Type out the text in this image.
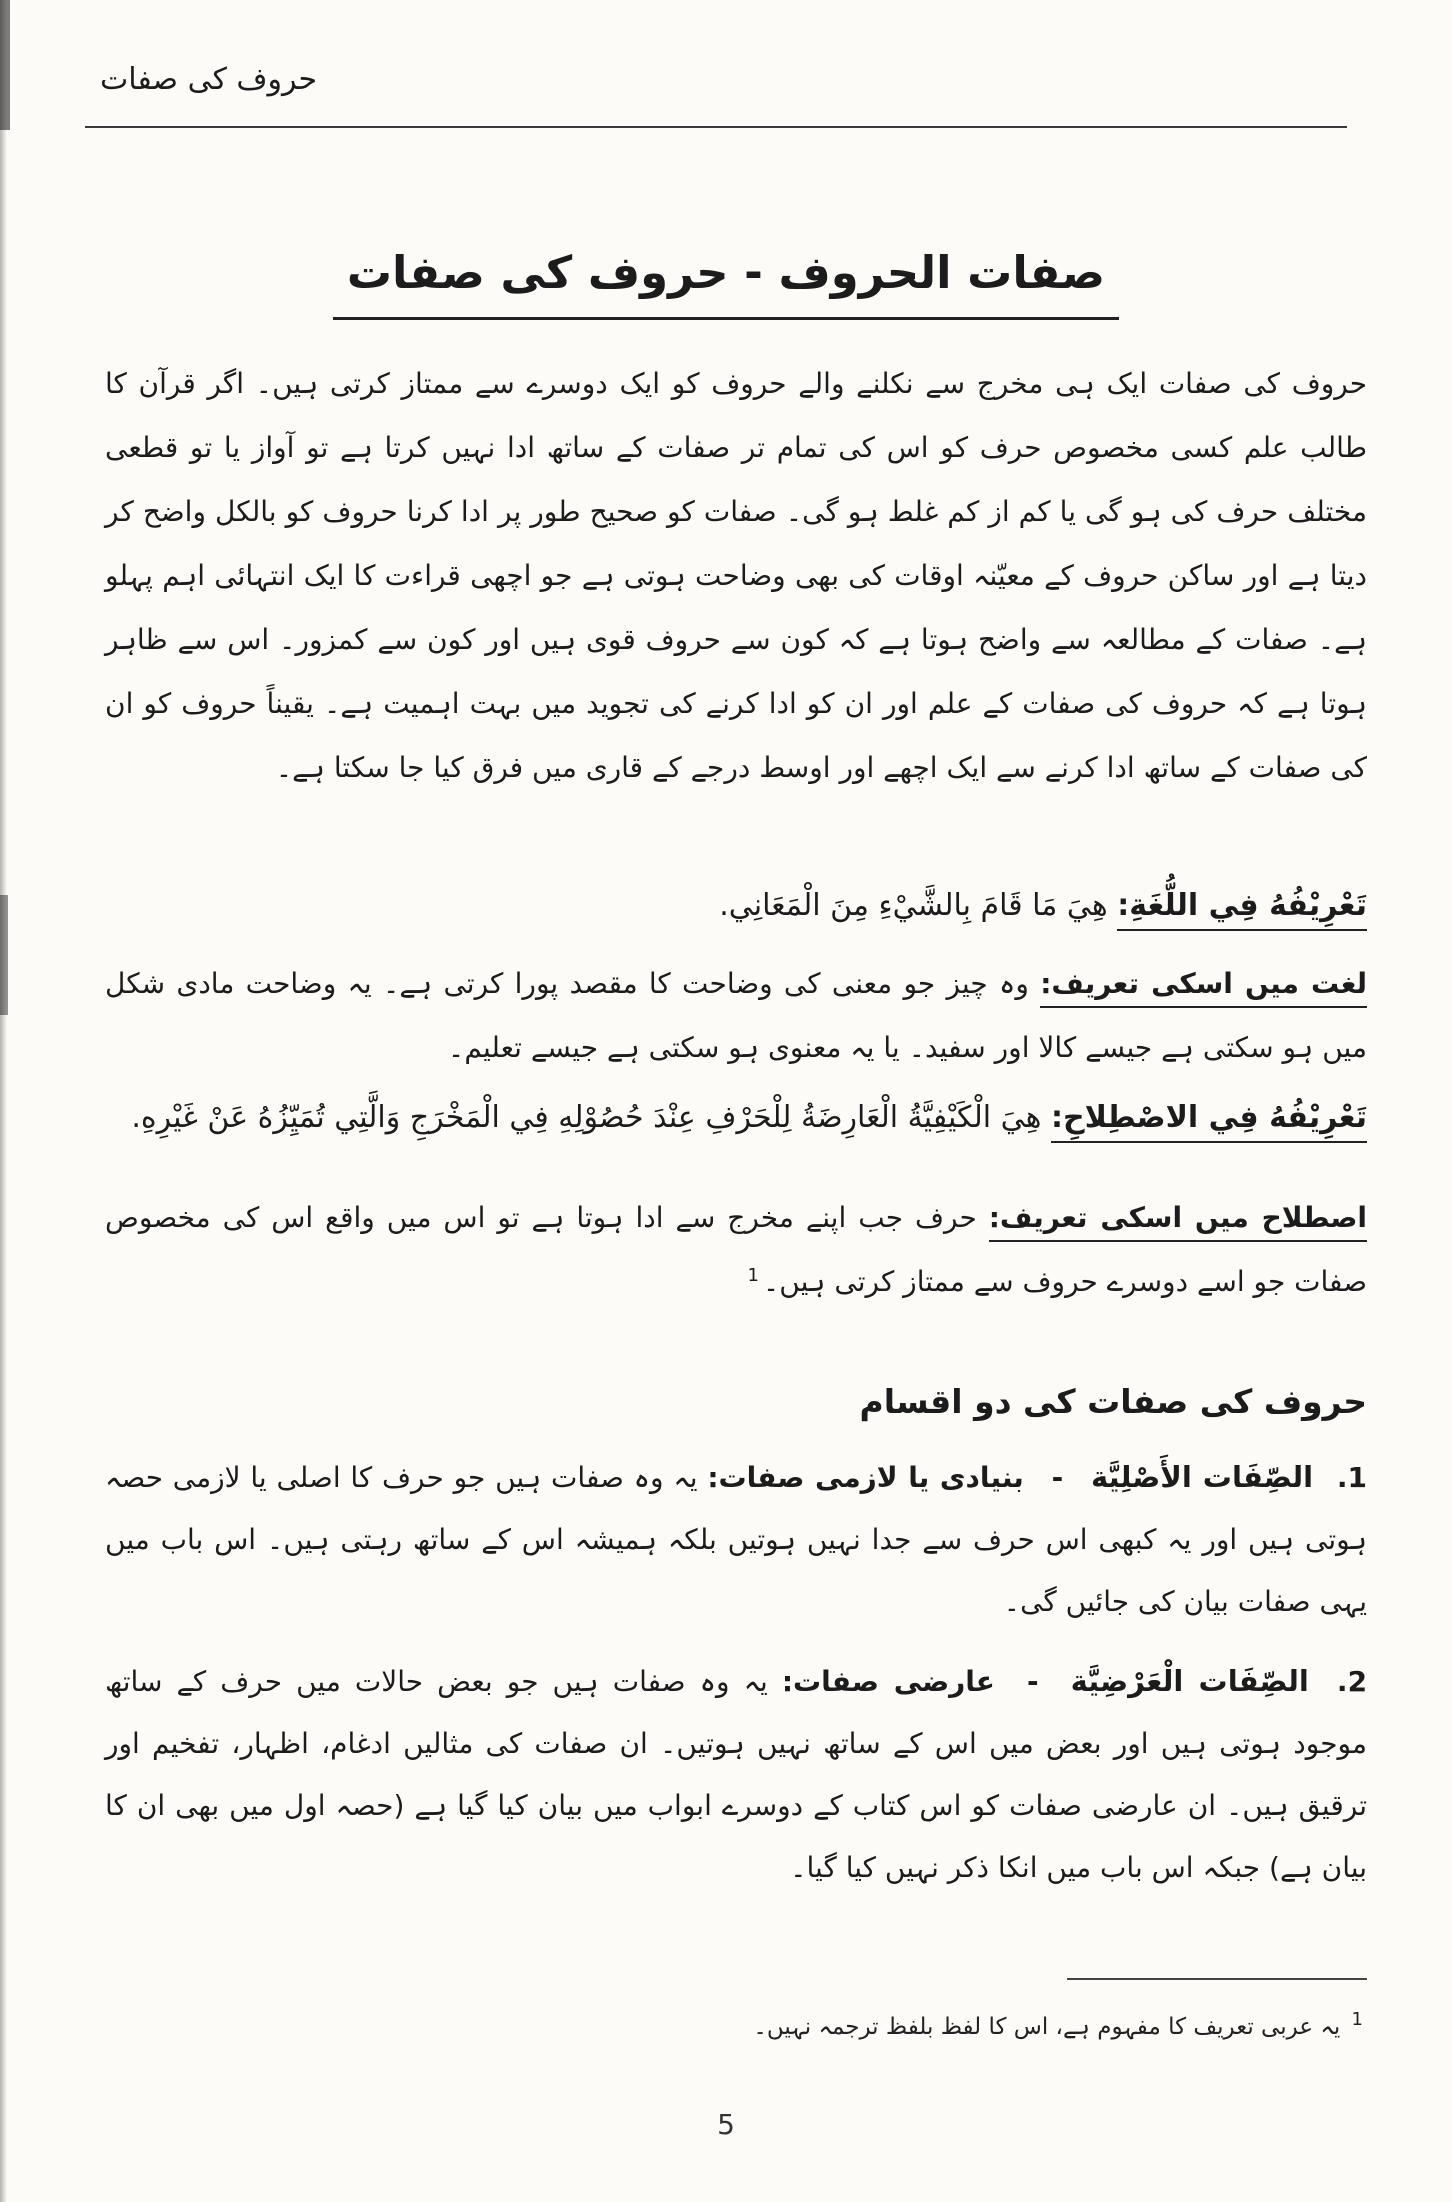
حروف کی صفات
صفات الحروف - حروف کی صفات
حروف کی صفات ایک ہی مخرج سے نکلنے والے حروف کو ایک دوسرے سے ممتاز کرتی ہیں۔ اگر قرآن کا طالب علم کسی مخصوص حرف کو اس کی تمام تر صفات کے ساتھ ادا نہیں کرتا ہے تو آواز یا تو قطعی مختلف حرف کی ہو گی یا کم از کم غلط ہو گی۔ صفات کو صحیح طور پر ادا کرنا حروف کو بالکل واضح کر دیتا ہے اور ساکن حروف کے معیّنہ اوقات کی بھی وضاحت ہوتی ہے جو اچھی قراءت کا ایک انتہائی اہم پہلو ہے۔ صفات کے مطالعہ سے واضح ہوتا ہے کہ کون سے حروف قوی ہیں اور کون سے کمزور۔ اس سے ظاہر ہوتا ہے کہ حروف کی صفات کے علم اور ان کو ادا کرنے کی تجوید میں بہت اہمیت ہے۔ یقیناً حروف کو ان کی صفات کے ساتھ ادا کرنے سے ایک اچھے اور اوسط درجے کے قاری میں فرق کیا جا سکتا ہے۔
تَعْرِيْفُهُ فِي اللُّغَةِ: هِيَ مَا قَامَ بِالشَّيْءِ مِنَ الْمَعَانِي.
لغت میں اسکی تعریف: وہ چیز جو معنی کی وضاحت کا مقصد پورا کرتی ہے۔ یہ وضاحت مادی شکل میں ہو سکتی ہے جیسے کالا اور سفید۔ یا یہ معنوی ہو سکتی ہے جیسے تعلیم۔
تَعْرِيْفُهُ فِي الاصْطِلاحِ: هِيَ الْكَيْفِيَّةُ الْعَارِضَةُ لِلْحَرْفِ عِنْدَ حُصُوْلِهِ فِي الْمَخْرَجِ وَالَّتِي تُمَيِّزُهُ عَنْ غَيْرِهِ.
اصطلاح میں اسکی تعریف: حرف جب اپنے مخرج سے ادا ہوتا ہے تو اس میں واقع اس کی مخصوص صفات جو اسے دوسرے حروف سے ممتاز کرتی ہیں۔$^1$
حروف کی صفات کی دو اقسام
1. الصِّفَات الأَصْلِيَّة - بنیادی یا لازمی صفات: یہ وہ صفات ہیں جو حرف کا اصلی یا لازمی حصہ ہوتی ہیں اور یہ کبھی اس حرف سے جدا نہیں ہوتیں بلکہ ہمیشہ اس کے ساتھ رہتی ہیں۔ اس باب میں یہی صفات بیان کی جائیں گی۔
2. الصِّفَات الْعَرْضِيَّة - عارضی صفات: یہ وہ صفات ہیں جو بعض حالات میں حرف کے ساتھ موجود ہوتی ہیں اور بعض میں اس کے ساتھ نہیں ہوتیں۔ ان صفات کی مثالیں ادغام، اظہار، تفخیم اور ترقیق ہیں۔ ان عارضی صفات کو اس کتاب کے دوسرے ابواب میں بیان کیا گیا ہے (حصہ اول میں بھی ان کا بیان ہے) جبکہ اس باب میں انکا ذکر نہیں کیا گیا۔
$^1$ یہ عربی تعریف کا مفہوم ہے، اس کا لفظ بلفظ ترجمہ نہیں۔
5
